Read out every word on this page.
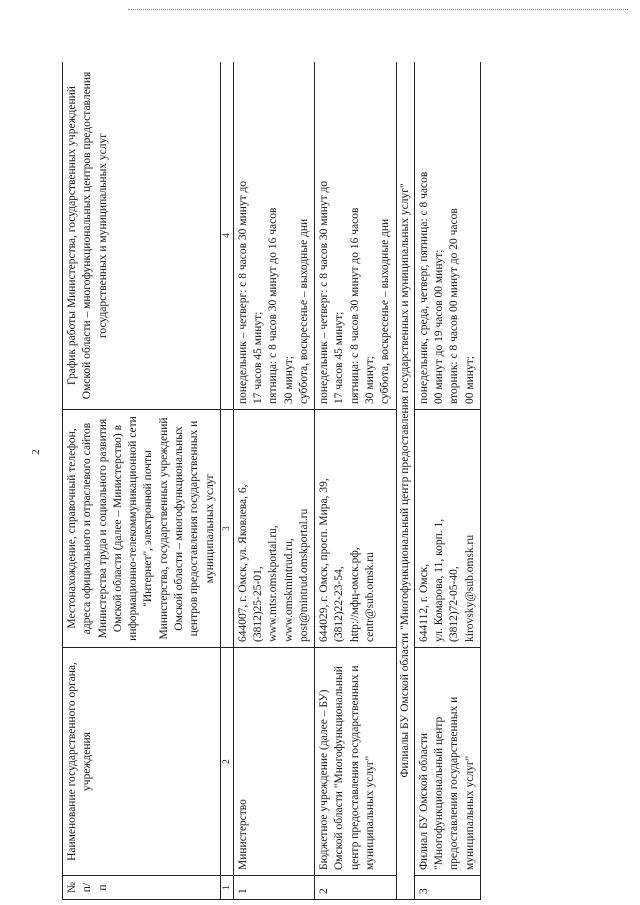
2
№ п/п	Наименование государственного органа, учреждения	Местонахождение, справочный телефон, адреса официального и отраслевого сайтов Министерства труда и социального развития Омской области (далее – Министерство) в информационно-телекоммуникационной сети "Интернет", электронной почты Министерства, государственных учреждений Омской области – многофункциональных центров предоставления государственных и муниципальных услуг	График работы Министерства, государственных учреждений Омской области – многофункциональных центров предоставления государственных и муниципальных услуг
1	2	3	4
1	Министерство	644007, г. Омск, ул. Яковлева, 6, (3812)25-25-01, www.mtsr.omskportal.ru, www.omskmintrud.ru, post@mintrud.omskportal.ru	понедельник – четверг: с 8 часов 30 минут до 17 часов 45 минут; пятница: с 8 часов 30 минут до 16 часов 30 минут; суббота, воскресенье – выходные дни

2	Бюджетное учреждение (далее – БУ) Омской области "Многофункциональный центр предоставления государственных и муниципальных услуг"	644029, г. Омск, просп. Мира, 39, (3812)22-23-54, http://мфц-омск.рф, centr@sub.omsk.ru	понедельник – четверг: с 8 часов 30 минут до 17 часов 45 минут; пятница: с 8 часов 30 минут до 16 часов 30 минут; суббота, воскресенье – выходные дни

Филиалы БУ Омской области "Многофункциональный центр предоставления государственных и муниципальных услуг"			
3	Филиал БУ Омской области "Многофункциональный центр предоставления государственных и муниципальных услуг"	644112, г. Омск, ул. Комарова, 11, корп. 1, (3812)72-05-40, kirovsky@sub.omsk.ru	понедельник, среда, четверг, пятница: с 8 часов 00 минут до 19 часов 00 минут; вторник: с 8 часов 00 минут до 20 часов 00 минут;
